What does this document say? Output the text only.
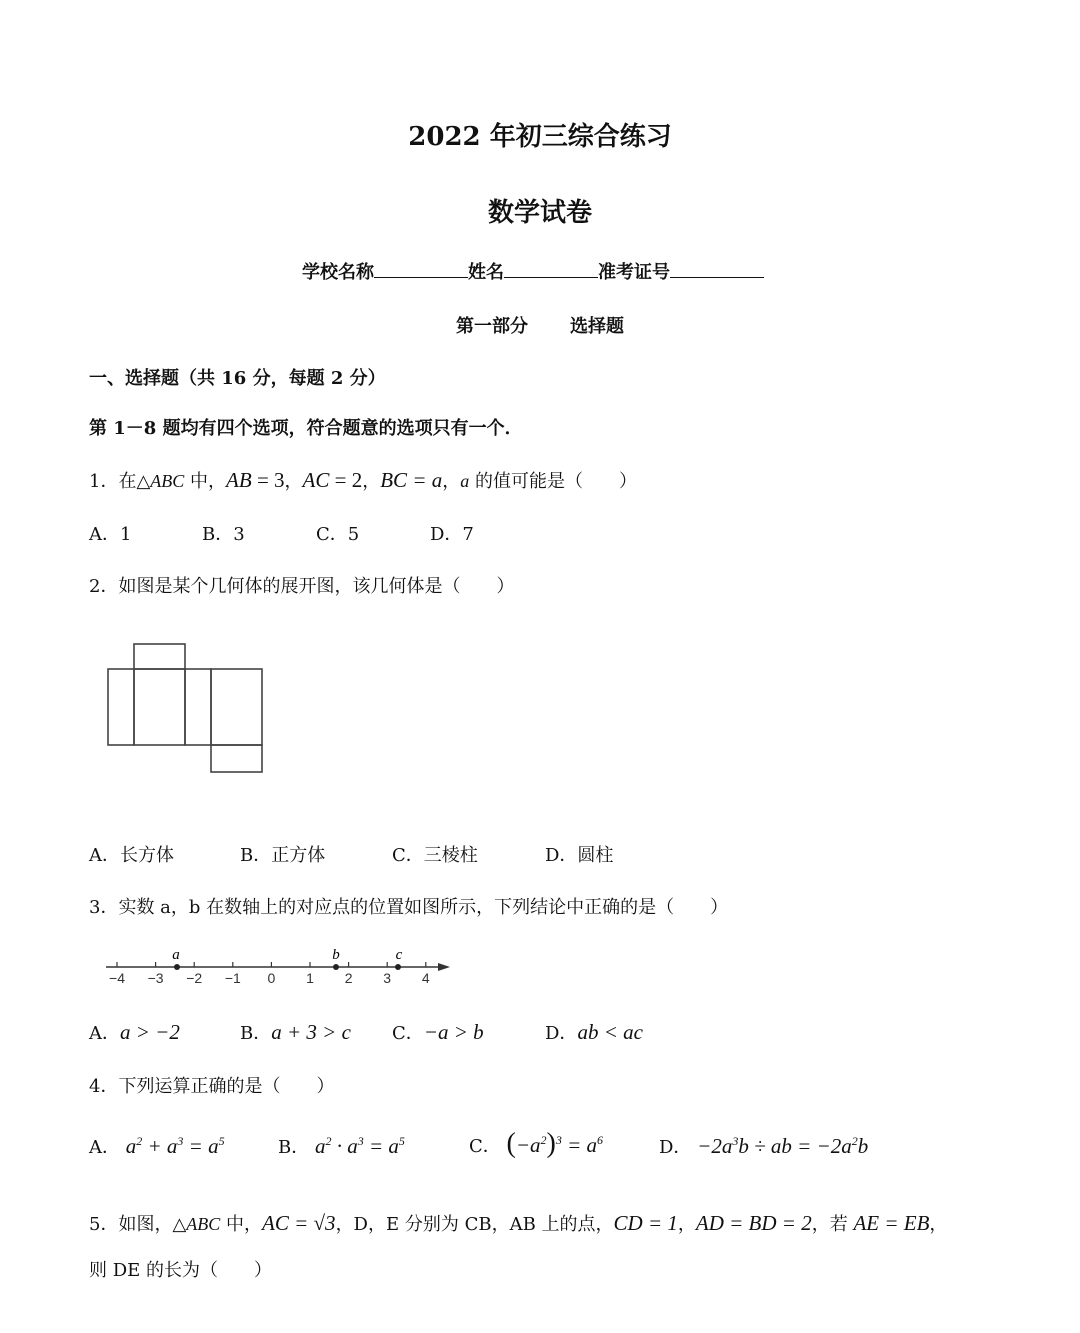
2022 年初三综合练习
数学试卷
学校名称	姓名	准考证号
第一部分 选择题
一、选择题（共 16 分，每题 2 分）
第 1－8 题均有四个选项，符合题意的选项只有一个．
1．在△ABC 中，AB = 3，AC = 2，BC = a，a 的值可能是（　　）
A．1	B．3	C．5	D．7
2．如图是某个几何体的展开图，该几何体是（　　）
A．长方体	B．正方体	C．三棱柱	D．圆柱
3．实数 a，b 在数轴上的对应点的位置如图所示，下列结论中正确的是（　　）
−4 −3 −2 −1 0 1 2 3 4
a	b	c
A．a > −2	B．a + 3 > c C．−a > b	D．ab < ac
4．下列运算正确的是（　　）
A． $a^2 + a^3 = a^5$	B． $a^2 \cdot a^3 = a^5$	C． $(-a^2)^3 = a^6$	D． $-2a^3b$ ÷ ab = $-2a^2b$
5．如图，△ABC 中，AC = √3，D，E 分别为 CB，AB 上的点，CD = 1，AD = BD = 2，若 AE = EB，
则 DE 的长为（　　）
